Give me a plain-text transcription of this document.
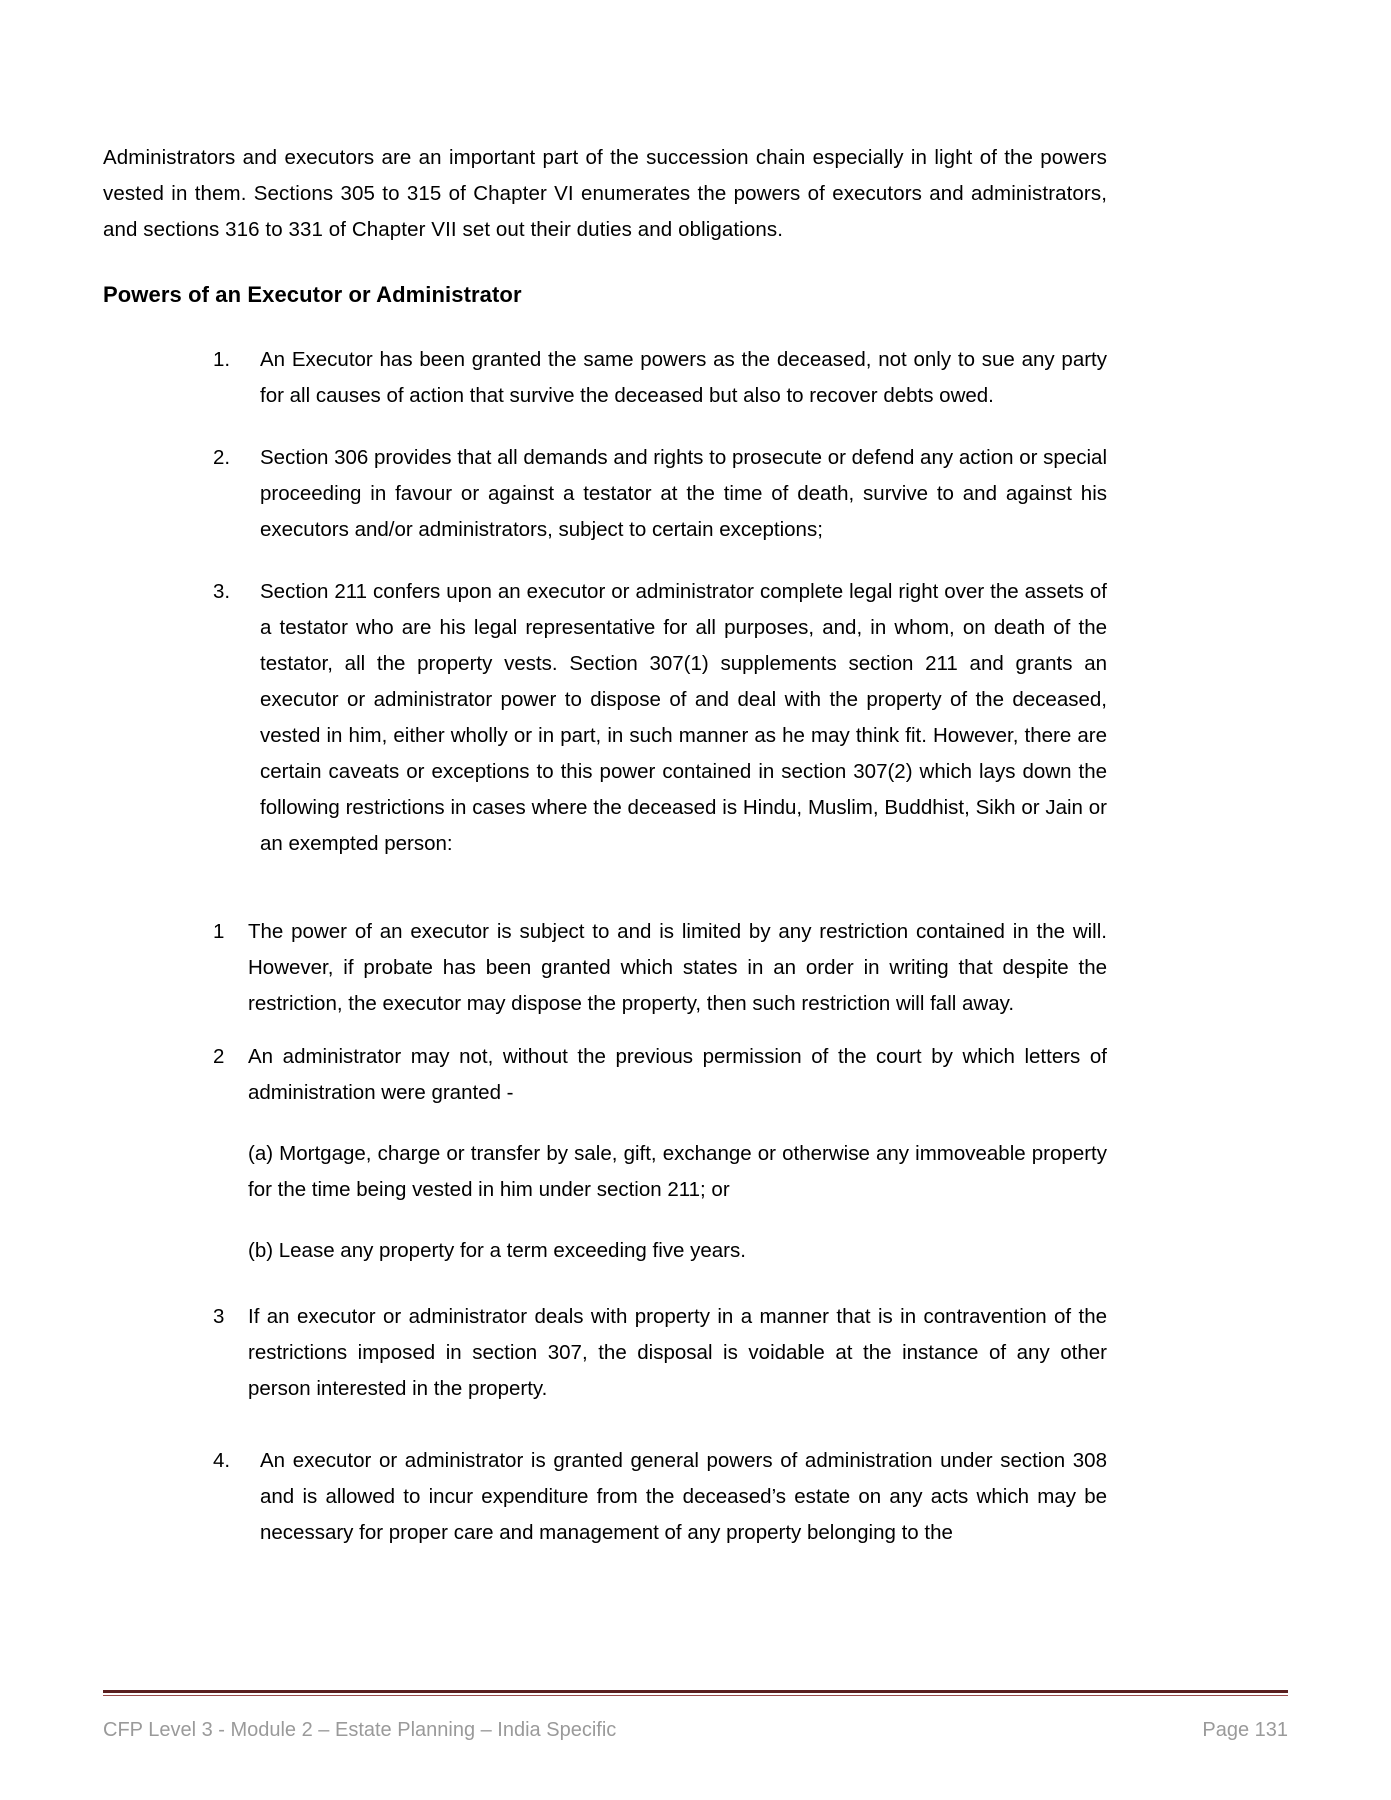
Administrators and executors are an important part of the succession chain especially in light of the powers vested in them. Sections 305 to 315 of Chapter VI enumerates the powers of executors and administrators, and sections 316 to 331 of Chapter VII set out their duties and obligations.

Powers of an Executor or Administrator
1.	An Executor has been granted the same powers as the deceased, not only to sue any party for all causes of action that survive the deceased but also to recover debts owed.
2.	Section 306 provides that all demands and rights to prosecute or defend any action or special proceeding in favour or against a testator at the time of death, survive to and against his executors and/or administrators, subject to certain exceptions;
3.	Section 211 confers upon an executor or administrator complete legal right over the assets of a testator who are his legal representative for all purposes, and, in whom, on death of the testator, all the property vests. Section 307(1) supplements section 211 and grants an executor or administrator power to dispose of and deal with the property of the deceased, vested in him, either wholly or in part, in such manner as he may think fit. However, there are certain caveats or exceptions to this power contained in section 307(2) which lays down the following restrictions in cases where the deceased is Hindu, Muslim, Buddhist, Sikh or Jain or an exempted person:
1	The power of an executor is subject to and is limited by any restriction contained in the will. However, if probate has been granted which states in an order in writing that despite the restriction, the executor may dispose the property, then such restriction will fall away.
2	An administrator may not, without the previous permission of the court by which letters of administration were granted -

(a) Mortgage, charge or transfer by sale, gift, exchange or otherwise any immoveable property for the time being vested in him under section 211; or

(b) Lease any property for a term exceeding five years.

3	If an executor or administrator deals with property in a manner that is in contravention of the restrictions imposed in section 307, the disposal is voidable at the instance of any other person interested in the property.
4.	An executor or administrator is granted general powers of administration under section 308 and is allowed to incur expenditure from the deceased’s estate on any acts which may be necessary for proper care and management of any property belonging to the
CFP Level 3 - Module 2 – Estate Planning – India Specific	Page 131
